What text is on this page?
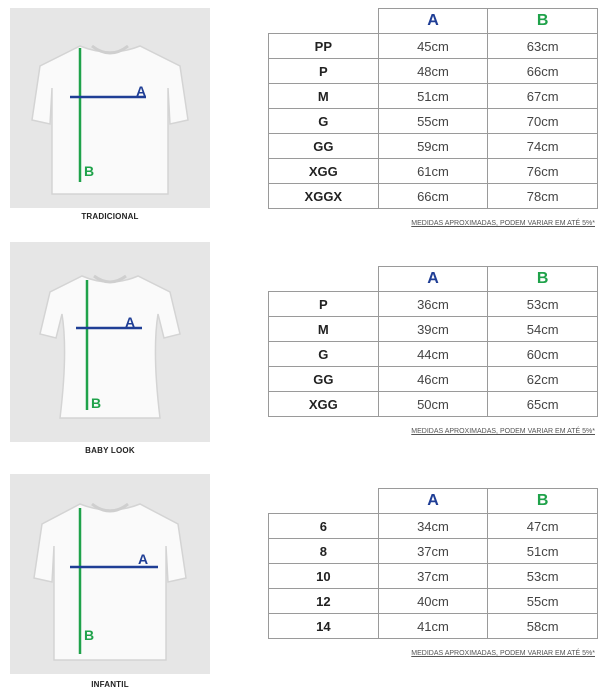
A
B
TRADICIONAL
	A	B
PP	45cm	63cm
P	48cm	66cm
M	51cm	67cm
G	55cm	70cm
GG	59cm	74cm
XGG	61cm	76cm
XGGX	66cm	78cm
MEDIDAS APROXIMADAS, PODEM VARIAR EM ATÉ 5%*
A
B
BABY LOOK
	A	B
P	36cm	53cm
M	39cm	54cm
G	44cm	60cm
GG	46cm	62cm
XGG	50cm	65cm
MEDIDAS APROXIMADAS, PODEM VARIAR EM ATÉ 5%*
A
B
INFANTIL
	A	B
6	34cm	47cm
8	37cm	51cm
10	37cm	53cm
12	40cm	55cm
14	41cm	58cm
MEDIDAS APROXIMADAS, PODEM VARIAR EM ATÉ 5%*
